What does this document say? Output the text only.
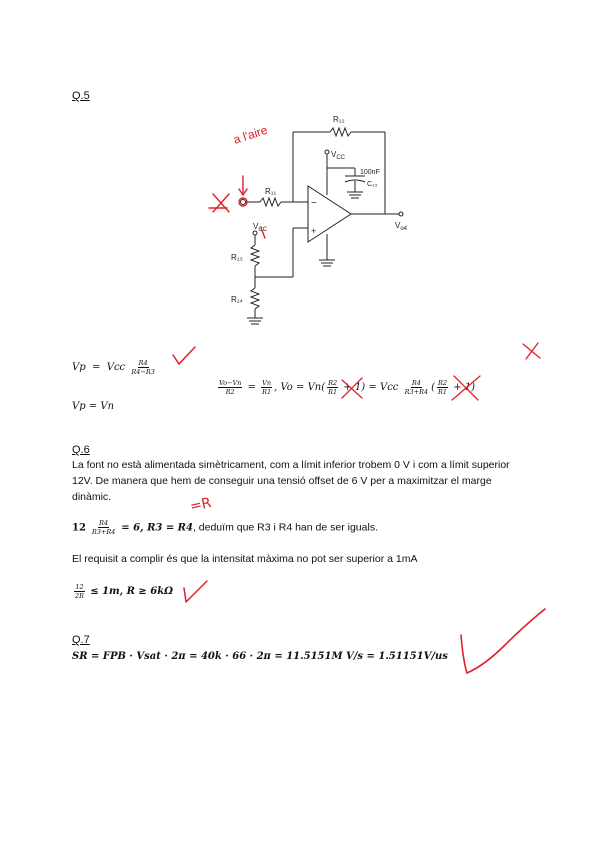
Q.5
R₁₂
R₁₁
R₁₃
R₁₄
$V_{CC}$
$V_{CC}$
100nF
C₁₃
$V_{o4}$
−
+
a l'aire
Vp = Vcc $\frac{R4}{R4-R3}$
$\frac{Vo-Vn}{R2} = \frac{Vn}{R1}$ , $Vo = Vn( \frac{R2}{R1} + 1)$ = Vcc $\frac{R4}{R3+R4}$ ( $\frac{R2}{R1} + 1$)
Vp = Vn
Q.6
La font no està alimentada simètricament, com a límit inferior trobem 0 V i com a límit superior 12V. De manera que hem de conseguir una tensió offset de 6 V per a maximitzar el marge dinàmic.
$12 \frac{R4}{R3+R4} = 6$, R3 = R4, deduïm que R3 i R4 han de ser iguals.
=R
El requisit a complir és que la intensitat màxima no pot ser superior a 1mA
$\frac{12}{2R} \le 1m$, R ≥ 6kΩ
Q.7
SR = FPB · Vsat · 2π = 40k · 66 · 2π = 11.5151M V/s = 1.51151V/us
